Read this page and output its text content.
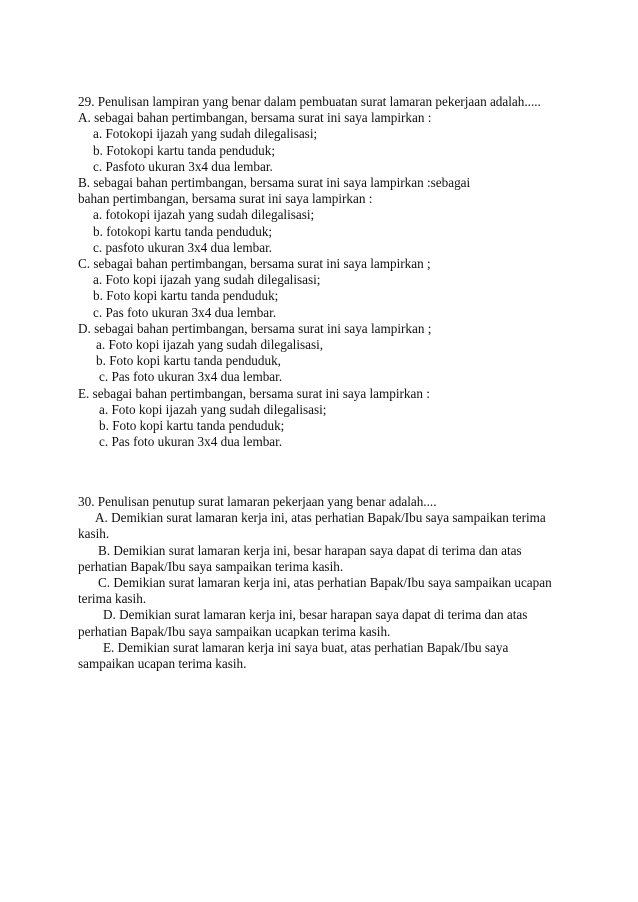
29. Penulisan lampiran yang benar dalam pembuatan surat lamaran pekerjaan adalah.....
A. sebagai bahan pertimbangan, bersama surat ini saya lampirkan :
a. Fotokopi ijazah yang sudah dilegalisasi;
b. Fotokopi kartu tanda penduduk;
c. Pasfoto ukuran 3x4 dua lembar.
B. sebagai bahan pertimbangan, bersama surat ini saya lampirkan :sebagai bahan pertimbangan, bersama surat ini saya lampirkan :
a. fotokopi ijazah yang sudah dilegalisasi;
b. fotokopi kartu tanda penduduk;
c. pasfoto ukuran 3x4 dua lembar.
C. sebagai bahan pertimbangan, bersama surat ini saya lampirkan ;
a. Foto kopi ijazah yang sudah dilegalisasi;
b. Foto kopi kartu tanda penduduk;
c. Pas foto ukuran 3x4 dua lembar.
D. sebagai bahan pertimbangan, bersama surat ini saya lampirkan ;
a. Foto kopi ijazah yang sudah dilegalisasi,
b. Foto kopi kartu tanda penduduk,
c. Pas foto ukuran 3x4 dua lembar.
E. sebagai bahan pertimbangan, bersama surat ini saya lampirkan :
a. Foto kopi ijazah yang sudah dilegalisasi;
b. Foto kopi kartu tanda penduduk;
c. Pas foto ukuran 3x4 dua lembar.
30. Penulisan penutup surat lamaran pekerjaan yang benar adalah....
A. Demikian surat lamaran kerja ini, atas perhatian Bapak/Ibu saya sampaikan terima kasih.
B. Demikian surat lamaran kerja ini, besar harapan saya dapat di terima dan atas perhatian Bapak/Ibu saya sampaikan terima kasih.
C. Demikian surat lamaran kerja ini, atas perhatian Bapak/Ibu saya sampaikan ucapan terima kasih.
D. Demikian surat lamaran kerja ini, besar harapan saya dapat di terima dan atas perhatian Bapak/Ibu saya sampaikan ucapkan terima kasih.
E. Demikian surat lamaran kerja ini saya buat, atas perhatian Bapak/Ibu saya sampaikan ucapan terima kasih.
